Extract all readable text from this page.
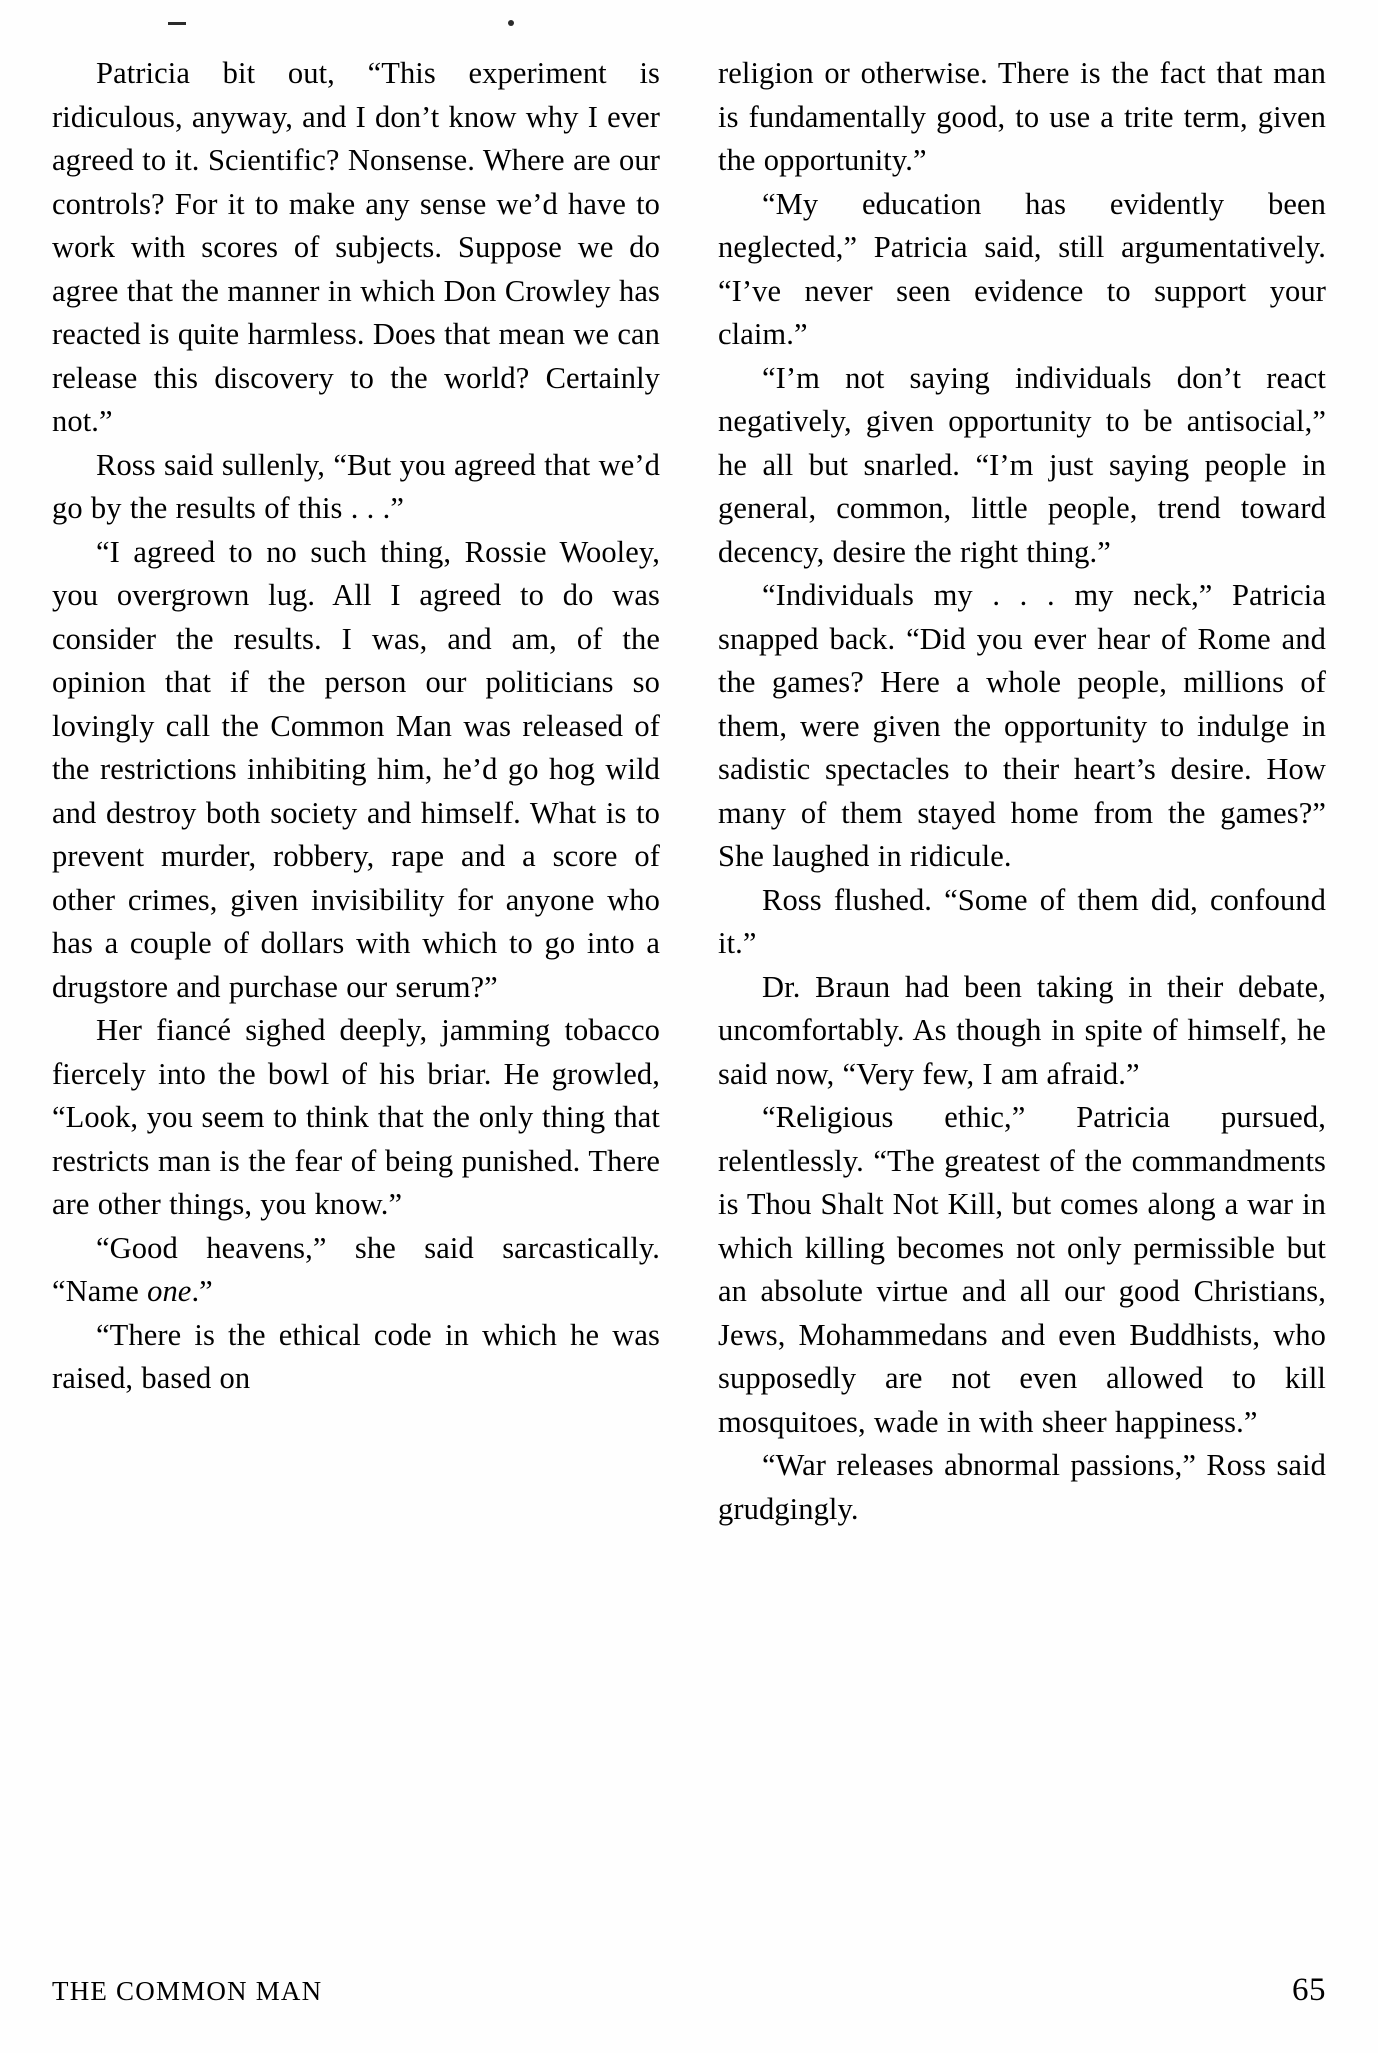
Patricia bit out, “This experiment is ridiculous, anyway, and I don’t know why I ever agreed to it. Scientific? Nonsense. Where are our controls? For it to make any sense we’d have to work with scores of subjects. Suppose we do agree that the manner in which Don Crowley has reacted is quite harmless. Does that mean we can release this discovery to the world? Certainly not.”

Ross said sullenly, “But you agreed that we’d go by the results of this . . .”

“I agreed to no such thing, Rossie Wooley, you overgrown lug. All I agreed to do was consider the results. I was, and am, of the opinion that if the person our politicians so lovingly call the Common Man was released of the restrictions inhibiting him, he’d go hog wild and destroy both society and himself. What is to prevent murder, robbery, rape and a score of other crimes, given invisibility for anyone who has a couple of dollars with which to go into a drugstore and purchase our serum?”

Her fiancé sighed deeply, jamming tobacco fiercely into the bowl of his briar. He growled, “Look, you seem to think that the only thing that restricts man is the fear of being punished. There are other things, you know.”

“Good heavens,” she said sarcastically. “Name one.”

“There is the ethical code in which he was raised, based on

religion or otherwise. There is the fact that man is fundamentally good, to use a trite term, given the opportunity.”

“My education has evidently been neglected,” Patricia said, still argumentatively. “I’ve never seen evidence to support your claim.”

“I’m not saying individuals don’t react negatively, given opportunity to be antisocial,” he all but snarled. “I’m just saying people in general, common, little people, trend toward decency, desire the right thing.”

“Individuals my . . . my neck,” Patricia snapped back. “Did you ever hear of Rome and the games? Here a whole people, millions of them, were given the opportunity to indulge in sadistic spectacles to their heart’s desire. How many of them stayed home from the games?” She laughed in ridicule.

Ross flushed. “Some of them did, confound it.”

Dr. Braun had been taking in their debate, uncomfortably. As though in spite of himself, he said now, “Very few, I am afraid.”

“Religious ethic,” Patricia pursued, relentlessly. “The greatest of the commandments is Thou Shalt Not Kill, but comes along a war in which killing becomes not only permissible but an absolute virtue and all our good Christians, Jews, Mohammedans and even Buddhists, who supposedly are not even allowed to kill mosquitoes, wade in with sheer happiness.”

“War releases abnormal passions,” Ross said grudgingly.

THE COMMON MAN	65
